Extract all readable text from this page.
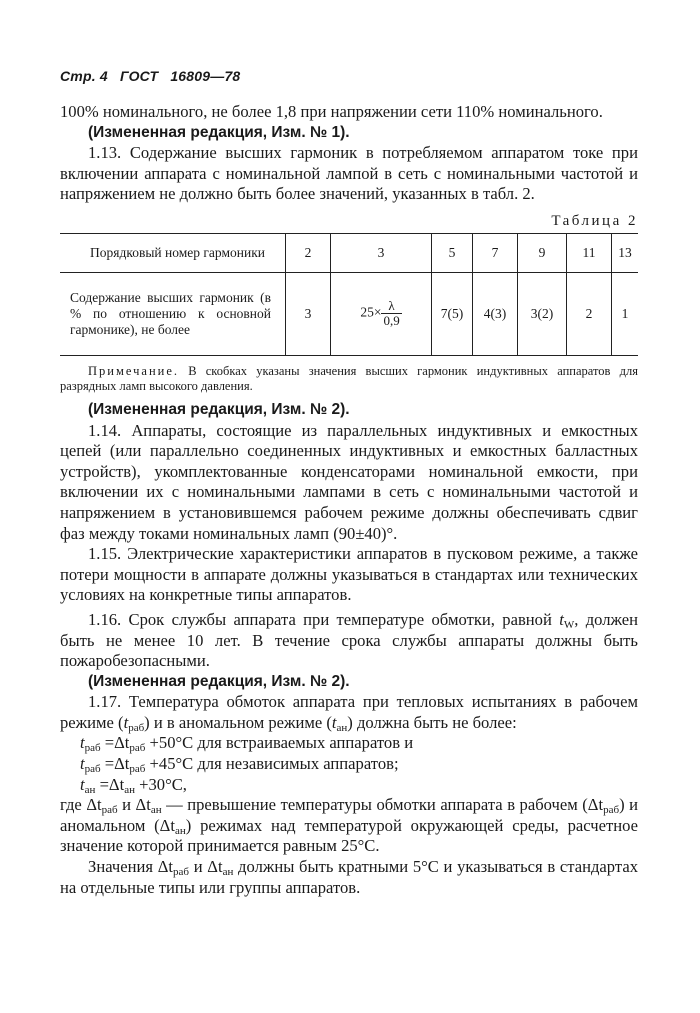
Стр. 4 ГОСТ 16809—78

100% номинального, не более 1,8 при напряжении сети 110% номинального.

(Измененная редакция, Изм. № 1).

1.13. Содержание высших гармоник в потребляемом аппаратом токе при включении аппарата с номинальной лампой в сеть с номинальными частотой и напряжением не должно быть более значений, указанных в табл. 2.

Таблица 2
Порядковый номер гармоники	2	3	5	7	9	11	13
Содержание высших гармоник (в % по отношению к основной гармонике), не более	3	$25\times \frac{\lambda}{0,9}$	7(5)	4(3)	3(2)	2	1

Примечание. В скобках указаны значения высших гармоник индуктивных аппаратов для разрядных ламп высокого давления.

(Измененная редакция, Изм. № 2).

1.14. Аппараты, состоящие из параллельных индуктивных и емкостных цепей (или параллельно соединенных индуктивных и емкостных балластных устройств), укомплектованные конденсаторами номинальной емкости, при включении их с номинальными лампами в сеть с номинальными частотой и напряжением в установившемся рабочем режиме должны обеспечивать сдвиг фаз между токами номинальных ламп (90±40)°.

1.15. Электрические характеристики аппаратов в пусковом режиме, а также потери мощности в аппарате должны указываться в стандартах или технических условиях на конкретные типы аппаратов.

1.16. Срок службы аппарата при температуре обмотки, равной $t_W$, должен быть не менее 10 лет. В течение срока службы аппараты должны быть пожаробезопасными.

(Измененная редакция, Изм. № 2).

1.17. Температура обмоток аппарата при тепловых испытаниях в рабочем режиме $(t_{раб})$ и в аномальном режиме $(t_{ан})$ должна быть не более:

$t_{раб} =\Delta t_{раб} +50^\circ C$ для встраиваемых аппаратов и

$t_{раб} =\Delta t_{раб} +45^\circ C$ для независимых аппаратов;

$t_{ан} =\Delta t_{ан} +30^\circ C$,

где $\Delta t_{раб}$ и $\Delta t_{ан}$ — превышение температуры обмотки аппарата в рабочем $(\Delta t_{раб})$ и аномальном $(\Delta t_{ан})$ режимах над температурой окружающей среды, расчетное значение которой принимается равным 25°C.

Значения $\Delta t_{раб}$ и $\Delta t_{ан}$ должны быть кратными 5°C и указываться в стандартах на отдельные типы или группы аппаратов.
